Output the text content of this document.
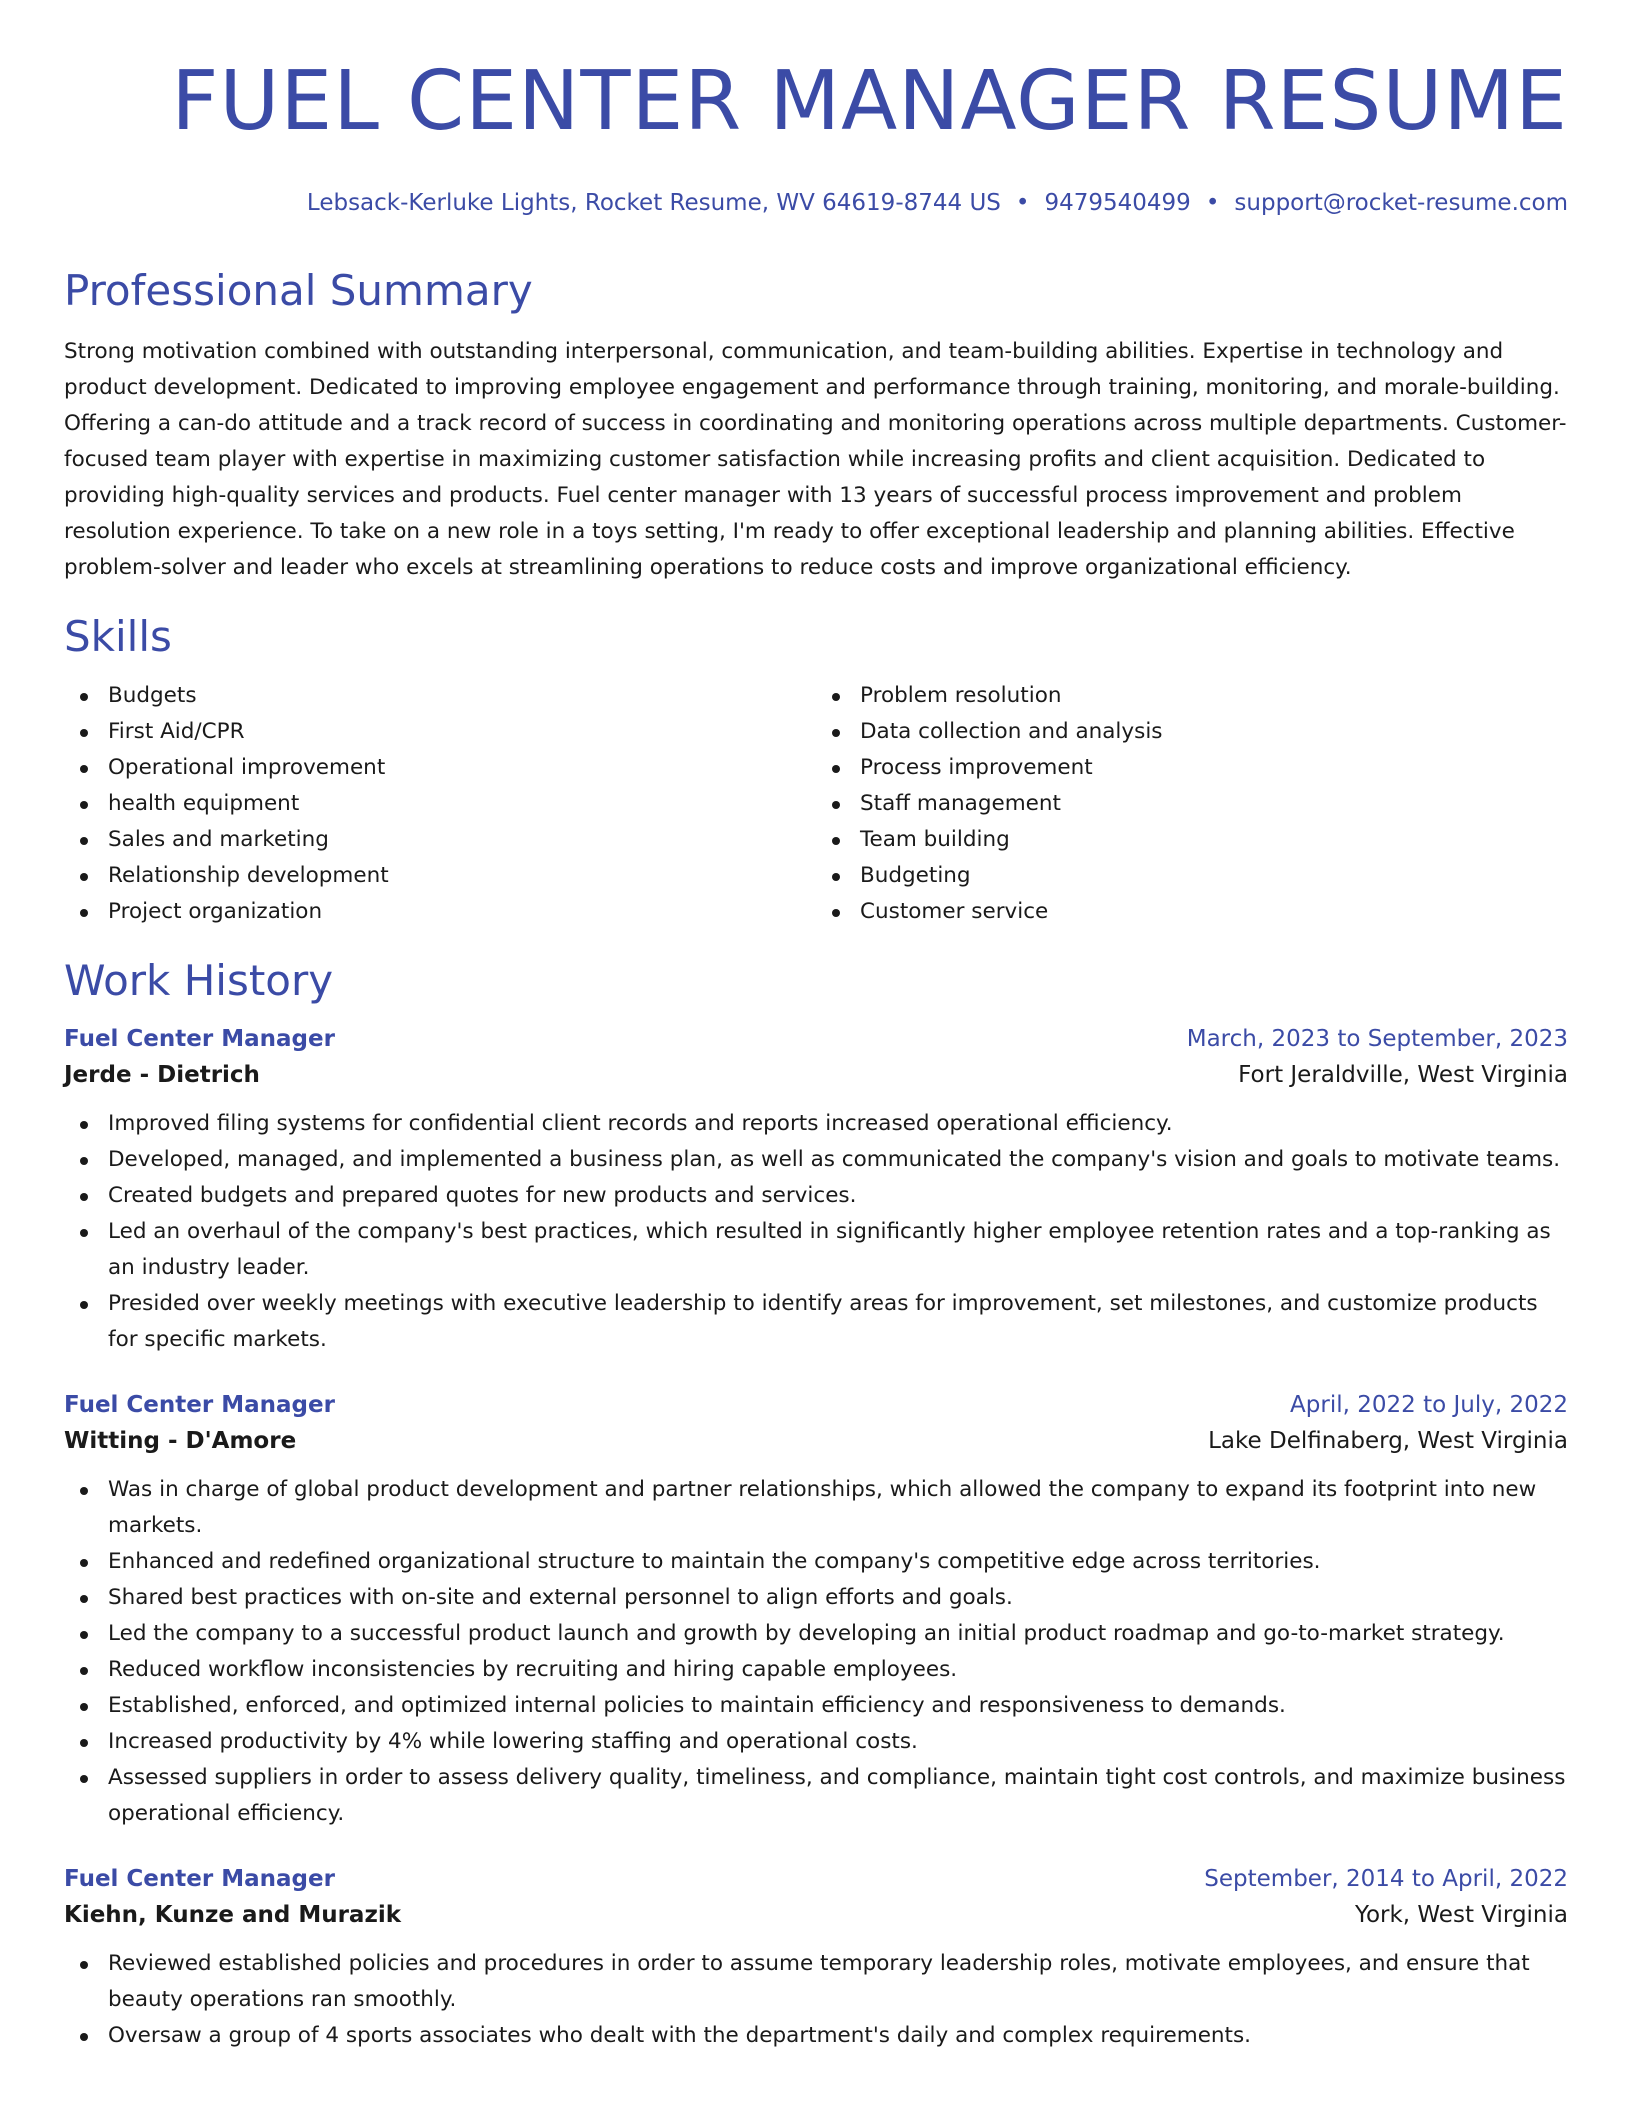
FUEL CENTER MANAGER RESUME
Lebsack-Kerluke Lights, Rocket Resume, WV 64619-8744 US • 9479540499 • support@rocket-resume.com
Professional Summary

Strong motivation combined with outstanding interpersonal, communication, and team-building abilities. Expertise in technology and product development. Dedicated to improving employee engagement and performance through training, monitoring, and morale-building. Offering a can-do attitude and a track record of success in coordinating and monitoring operations across multiple departments. Customer-focused team player with expertise in maximizing customer satisfaction while increasing profits and client acquisition. Dedicated to providing high-quality services and products. Fuel center manager with 13 years of successful process improvement and problem resolution experience. To take on a new role in a toys setting, I'm ready to offer exceptional leadership and planning abilities. Effective problem-solver and leader who excels at streamlining operations to reduce costs and improve organizational efficiency.

Skills
Budgets
First Aid/CPR
Operational improvement
health equipment
Sales and marketing
Relationship development
Project organization
Problem resolution
Data collection and analysis
Process improvement
Staff management
Team building
Budgeting
Customer service
Work History
Fuel Center Manager	March, 2023 to September, 2023
Jerde - Dietrich	Fort Jeraldville, West Virginia
Improved filing systems for confidential client records and reports increased operational efficiency.
Developed, managed, and implemented a business plan, as well as communicated the company's vision and goals to motivate teams.
Created budgets and prepared quotes for new products and services.
Led an overhaul of the company's best practices, which resulted in significantly higher employee retention rates and a top-ranking as an industry leader.
Presided over weekly meetings with executive leadership to identify areas for improvement, set milestones, and customize products for specific markets.
Fuel Center Manager	April, 2022 to July, 2022
Witting - D'Amore	Lake Delfinaberg, West Virginia
Was in charge of global product development and partner relationships, which allowed the company to expand its footprint into new markets.
Enhanced and redefined organizational structure to maintain the company's competitive edge across territories.
Shared best practices with on-site and external personnel to align efforts and goals.
Led the company to a successful product launch and growth by developing an initial product roadmap and go-to-market strategy.
Reduced workflow inconsistencies by recruiting and hiring capable employees.
Established, enforced, and optimized internal policies to maintain efficiency and responsiveness to demands.
Increased productivity by 4% while lowering staffing and operational costs.
Assessed suppliers in order to assess delivery quality, timeliness, and compliance, maintain tight cost controls, and maximize business operational efficiency.
Fuel Center Manager	September, 2014 to April, 2022
Kiehn, Kunze and Murazik	York, West Virginia
Reviewed established policies and procedures in order to assume temporary leadership roles, motivate employees, and ensure that beauty operations ran smoothly.
Oversaw a group of 4 sports associates who dealt with the department's daily and complex requirements.
